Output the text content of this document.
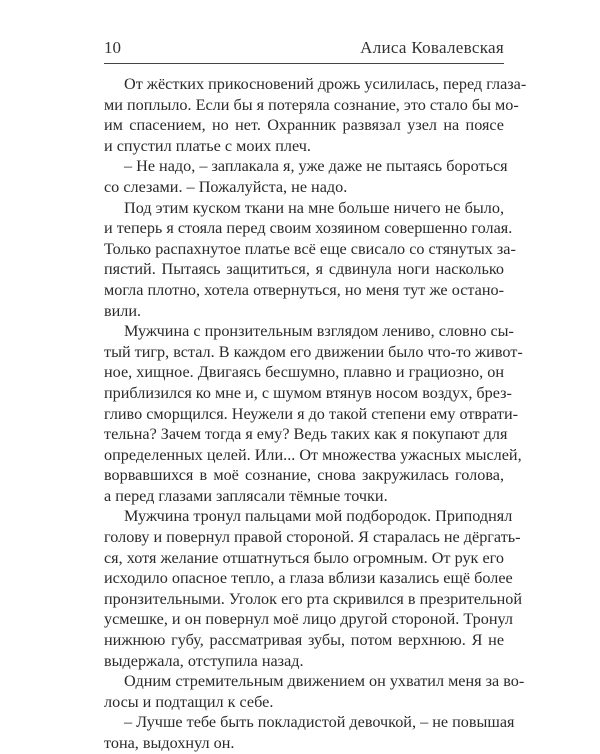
10	Алиса Ковалевская
От жёстких прикосновений дрожь усилилась, перед глаза-
ми поплыло. Если бы я потеряла сознание, это стало бы мо-
им спасением, но нет. Охранник развязал узел на поясе
и спустил платье с моих плеч.
– Не надо, – заплакала я, уже даже не пытаясь бороться
со слезами. – Пожалуйста, не надо.
Под этим куском ткани на мне больше ничего не было,
и теперь я стояла перед своим хозяином совершенно голая.
Только распахнутое платье всё еще свисало со стянутых за-
пястий. Пытаясь защититься, я сдвинула ноги насколько
могла плотно, хотела отвернуться, но меня тут же остано-
вили.
Мужчина с пронзительным взглядом лениво, словно сы-
тый тигр, встал. В каждом его движении было что-то живот-
ное, хищное. Двигаясь бесшумно, плавно и грациозно, он
приблизился ко мне и, с шумом втянув носом воздух, брез-
гливо сморщился. Неужели я до такой степени ему отврати-
тельна? Зачем тогда я ему? Ведь таких как я покупают для
определенных целей. Или... От множества ужасных мыслей,
ворвавшихся в моё сознание, снова закружилась голова,
а перед глазами заплясали тёмные точки.
Мужчина тронул пальцами мой подбородок. Приподнял
голову и повернул правой стороной. Я старалась не дёргать-
ся, хотя желание отшатнуться было огромным. От рук его
исходило опасное тепло, а глаза вблизи казались ещё более
пронзительными. Уголок его рта скривился в презрительной
усмешке, и он повернул моё лицо другой стороной. Тронул
нижнюю губу, рассматривая зубы, потом верхнюю. Я не
выдержала, отступила назад.
Одним стремительным движением он ухватил меня за во-
лосы и подтащил к себе.
– Лучше тебе быть покладистой девочкой, – не повышая
тона, выдохнул он.
